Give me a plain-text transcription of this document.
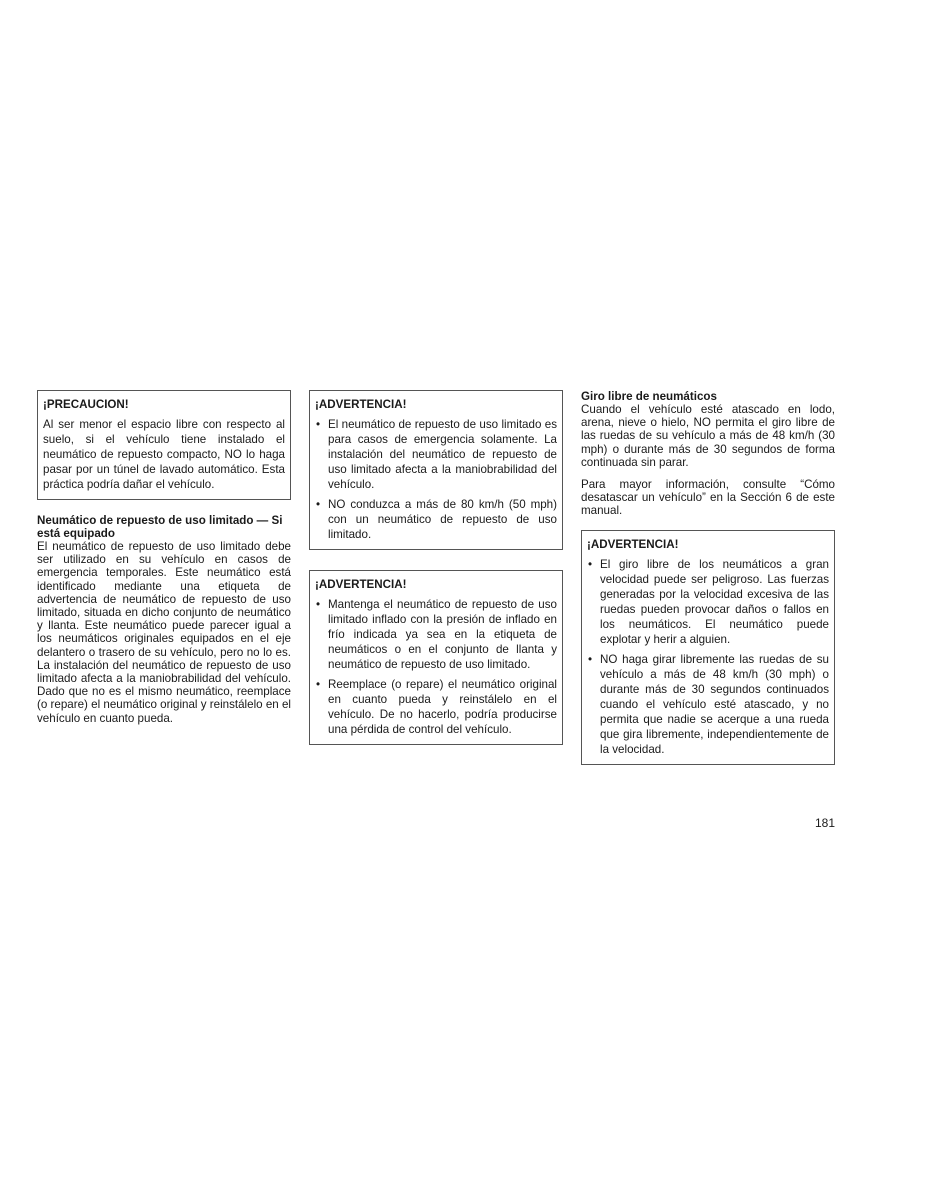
¡PRECAUCION!

Al ser menor el espacio libre con respecto al suelo, si el vehículo tiene instalado el neumático de repuesto compacto, NO lo haga pasar por un túnel de lavado automático. Esta práctica podría dañar el vehículo.

Neumático de repuesto de uso limitado — Si está equipado

El neumático de repuesto de uso limitado debe ser utilizado en su vehículo en casos de emergencia temporales. Este neumático está identificado mediante una etiqueta de advertencia de neumático de repuesto de uso limitado, situada en dicho conjunto de neumático y llanta. Este neumático puede parecer igual a los neumáticos originales equipados en el eje delantero o trasero de su vehículo, pero no lo es. La instalación del neumático de repuesto de uso limitado afecta a la maniobrabilidad del vehículo. Dado que no es el mismo neumático, reemplace (o repare) el neumático original y reinstálelo en el vehículo en cuanto pueda.

¡ADVERTENCIA!
• El neumático de repuesto de uso limitado es para casos de emergencia solamente. La instalación del neumático de repuesto de uso limitado afecta a la maniobrabilidad del vehículo.
• NO conduzca a más de 80 km/h (50 mph) con un neumático de repuesto de uso limitado.
¡ADVERTENCIA!
• Mantenga el neumático de repuesto de uso limitado inflado con la presión de inflado en frío indicada ya sea en la etiqueta de neumáticos o en el conjunto de llanta y neumático de repuesto de uso limitado.
• Reemplace (o repare) el neumático original en cuanto pueda y reinstálelo en el vehículo. De no hacerlo, podría producirse una pérdida de control del vehículo.
Giro libre de neumáticos

Cuando el vehículo esté atascado en lodo, arena, nieve o hielo, NO permita el giro libre de las ruedas de su vehículo a más de 48 km/h (30 mph) o durante más de 30 segundos de forma continuada sin parar.

Para mayor información, consulte “Cómo desatascar un vehículo” en la Sección 6 de este manual.

¡ADVERTENCIA!
• El giro libre de los neumáticos a gran velocidad puede ser peligroso. Las fuerzas generadas por la velocidad excesiva de las ruedas pueden provocar daños o fallos en los neumáticos. El neumático puede explotar y herir a alguien.
• NO haga girar libremente las ruedas de su vehículo a más de 48 km/h (30 mph) o durante más de 30 segundos continuados cuando el vehículo esté atascado, y no permita que nadie se acerque a una rueda que gira libremente, independientemente de la velocidad.
181
